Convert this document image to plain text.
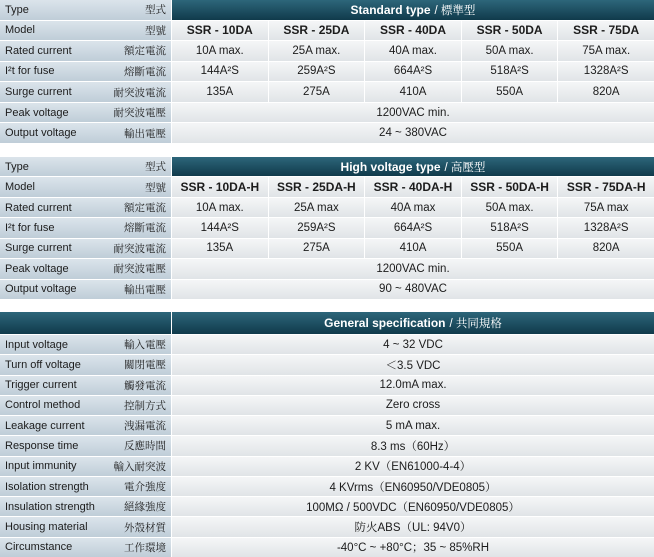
Type	型式	Standard type / 標準型
Model	型號	SSR - 10DA	SSR - 25DA	SSR - 40DA	SSR - 50DA	SSR - 75DA
Rated current	額定電流	10A max.	25A max.	40A max.	50A max.	75A max.
I²t for fuse	熔斷電流	144A²S	259A²S	664A²S	518A²S	1328A²S
Surge current	耐突波電流	135A	275A	410A	550A	820A
Peak voltage	耐突波電壓	1200VAC min.
Output voltage	輸出電壓	24 ~ 380VAC
Type	型式	High voltage type / 高壓型
Model	型號	SSR - 10DA-H	SSR - 25DA-H	SSR - 40DA-H	SSR - 50DA-H	SSR - 75DA-H
Rated current	額定電流	10A max.	25A max	40A max	50A max.	75A max
I²t for fuse	熔斷電流	144A²S	259A²S	664A²S	518A²S	1328A²S
Surge current	耐突波電流	135A	275A	410A	550A	820A
Peak voltage	耐突波電壓	1200VAC min.
Output voltage	輸出電壓	90 ~ 480VAC
General specification / 共同規格
Input voltage	輸入電壓	4 ~ 32 VDC
Turn off voltage	關閉電壓	＜3.5 VDC
Trigger current	觸發電流	12.0mA max.
Control method	控制方式	Zero cross
Leakage current	洩漏電流	5 mA max.
Response time	反應時間	8.3 ms（60Hz）
Input immunity	輸入耐突波	2 KV（EN61000-4-4）
Isolation strength	電介強度	4 KVrms（EN60950/VDE0805）
Insulation strength	絕緣強度	100MΩ / 500VDC（EN60950/VDE0805）
Housing material	外殼材質	防火ABS（UL: 94V0）
Circumstance	工作環境	-40°C ~ +80°C；35 ~ 85%RH
